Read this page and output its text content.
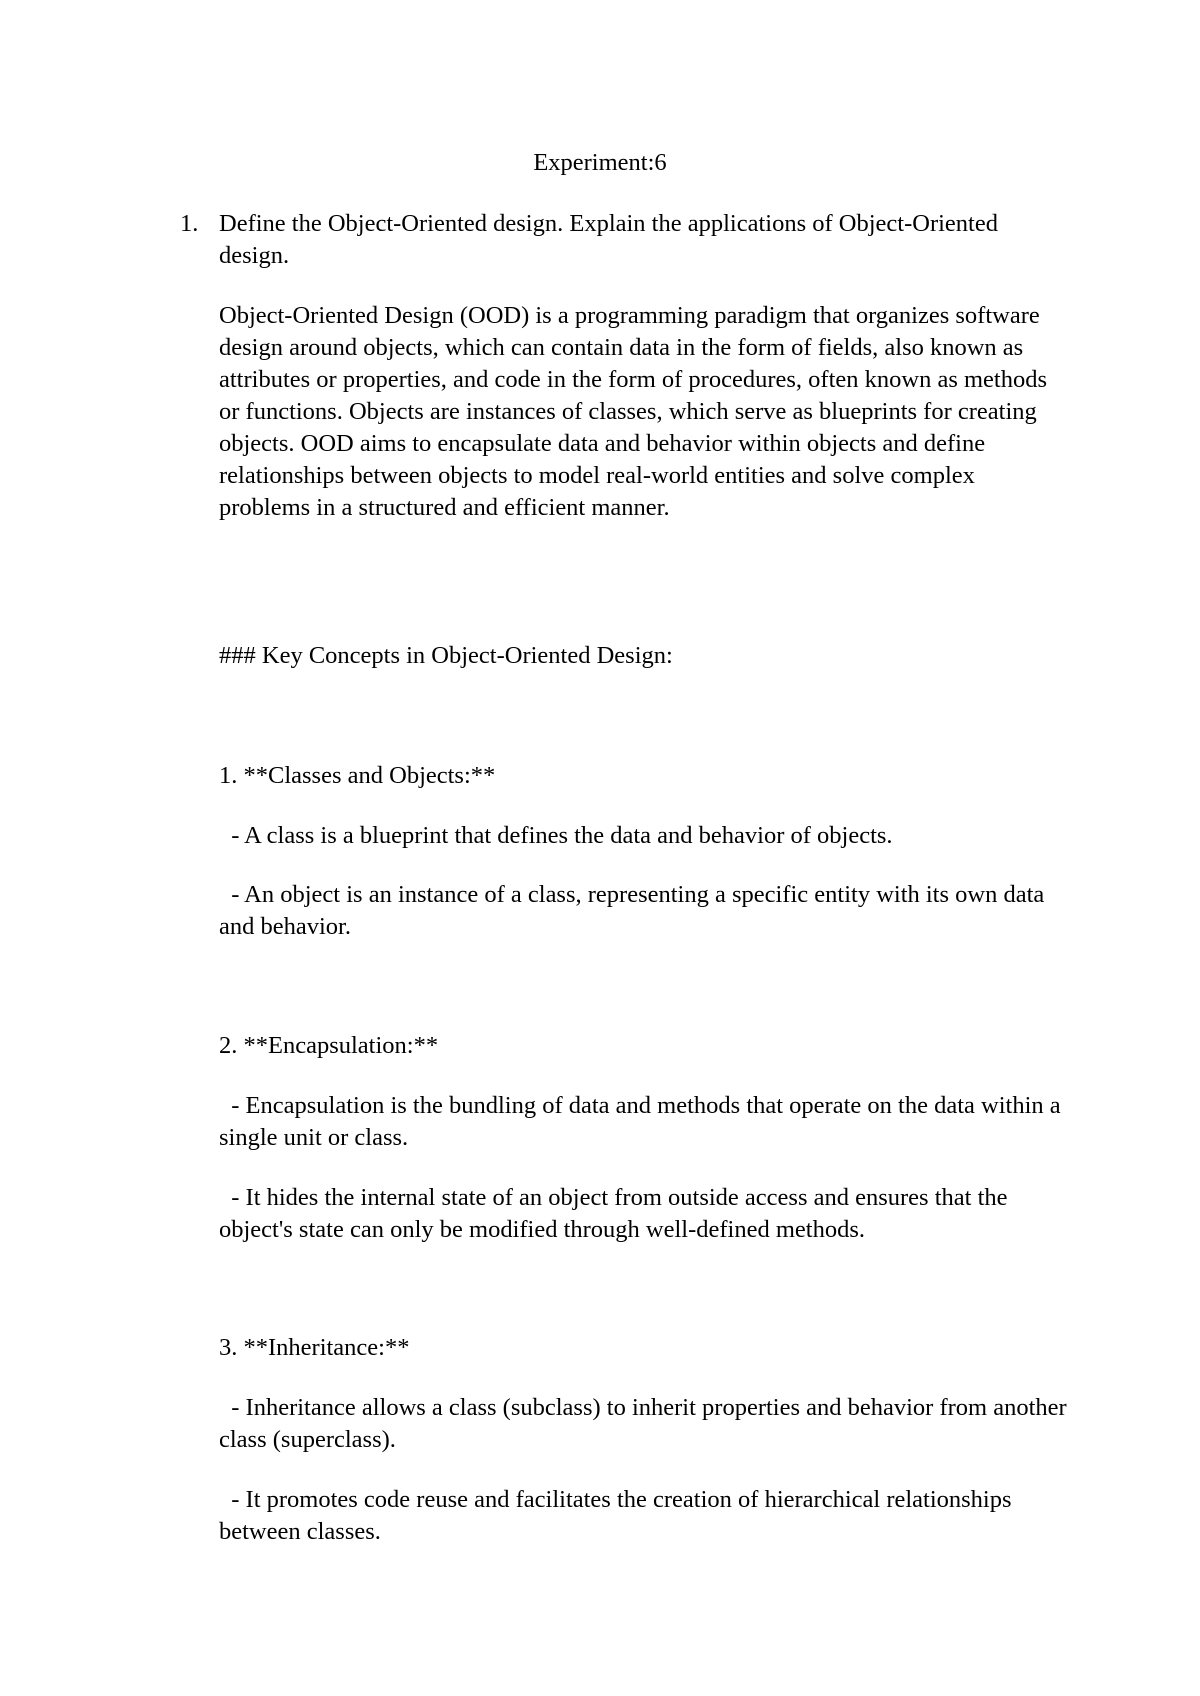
Experiment:6
1. Define the Object-Oriented design. Explain the applications of Object-Oriented design.

Object-Oriented Design (OOD) is a programming paradigm that organizes software design around objects, which can contain data in the form of fields, also known as attributes or properties, and code in the form of procedures, often known as methods or functions. Objects are instances of classes, which serve as blueprints for creating objects. OOD aims to encapsulate data and behavior within objects and define relationships between objects to model real-world entities and solve complex problems in a structured and efficient manner.

### Key Concepts in Object-Oriented Design:

1. **Classes and Objects:**

- A class is a blueprint that defines the data and behavior of objects.

- An object is an instance of a class, representing a specific entity with its own data and behavior.

2. **Encapsulation:**

- Encapsulation is the bundling of data and methods that operate on the data within a single unit or class.

- It hides the internal state of an object from outside access and ensures that the object's state can only be modified through well-defined methods.

3. **Inheritance:**

- Inheritance allows a class (subclass) to inherit properties and behavior from another class (superclass).

- It promotes code reuse and facilitates the creation of hierarchical relationships between classes.
